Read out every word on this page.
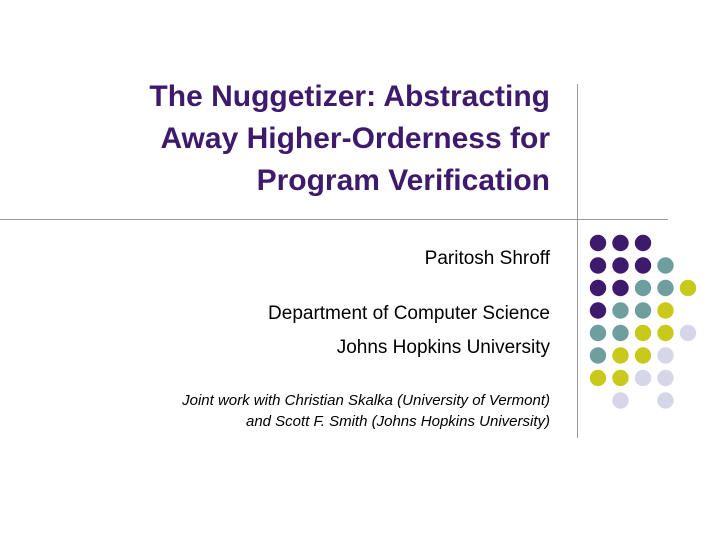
The Nuggetizer: Abstracting
Away Higher-Orderness for
Program Verification

Paritosh Shroff

Department of Computer Science

Johns Hopkins University

Joint work with Christian Skalka (University of Vermont)
and Scott F. Smith (Johns Hopkins University)
